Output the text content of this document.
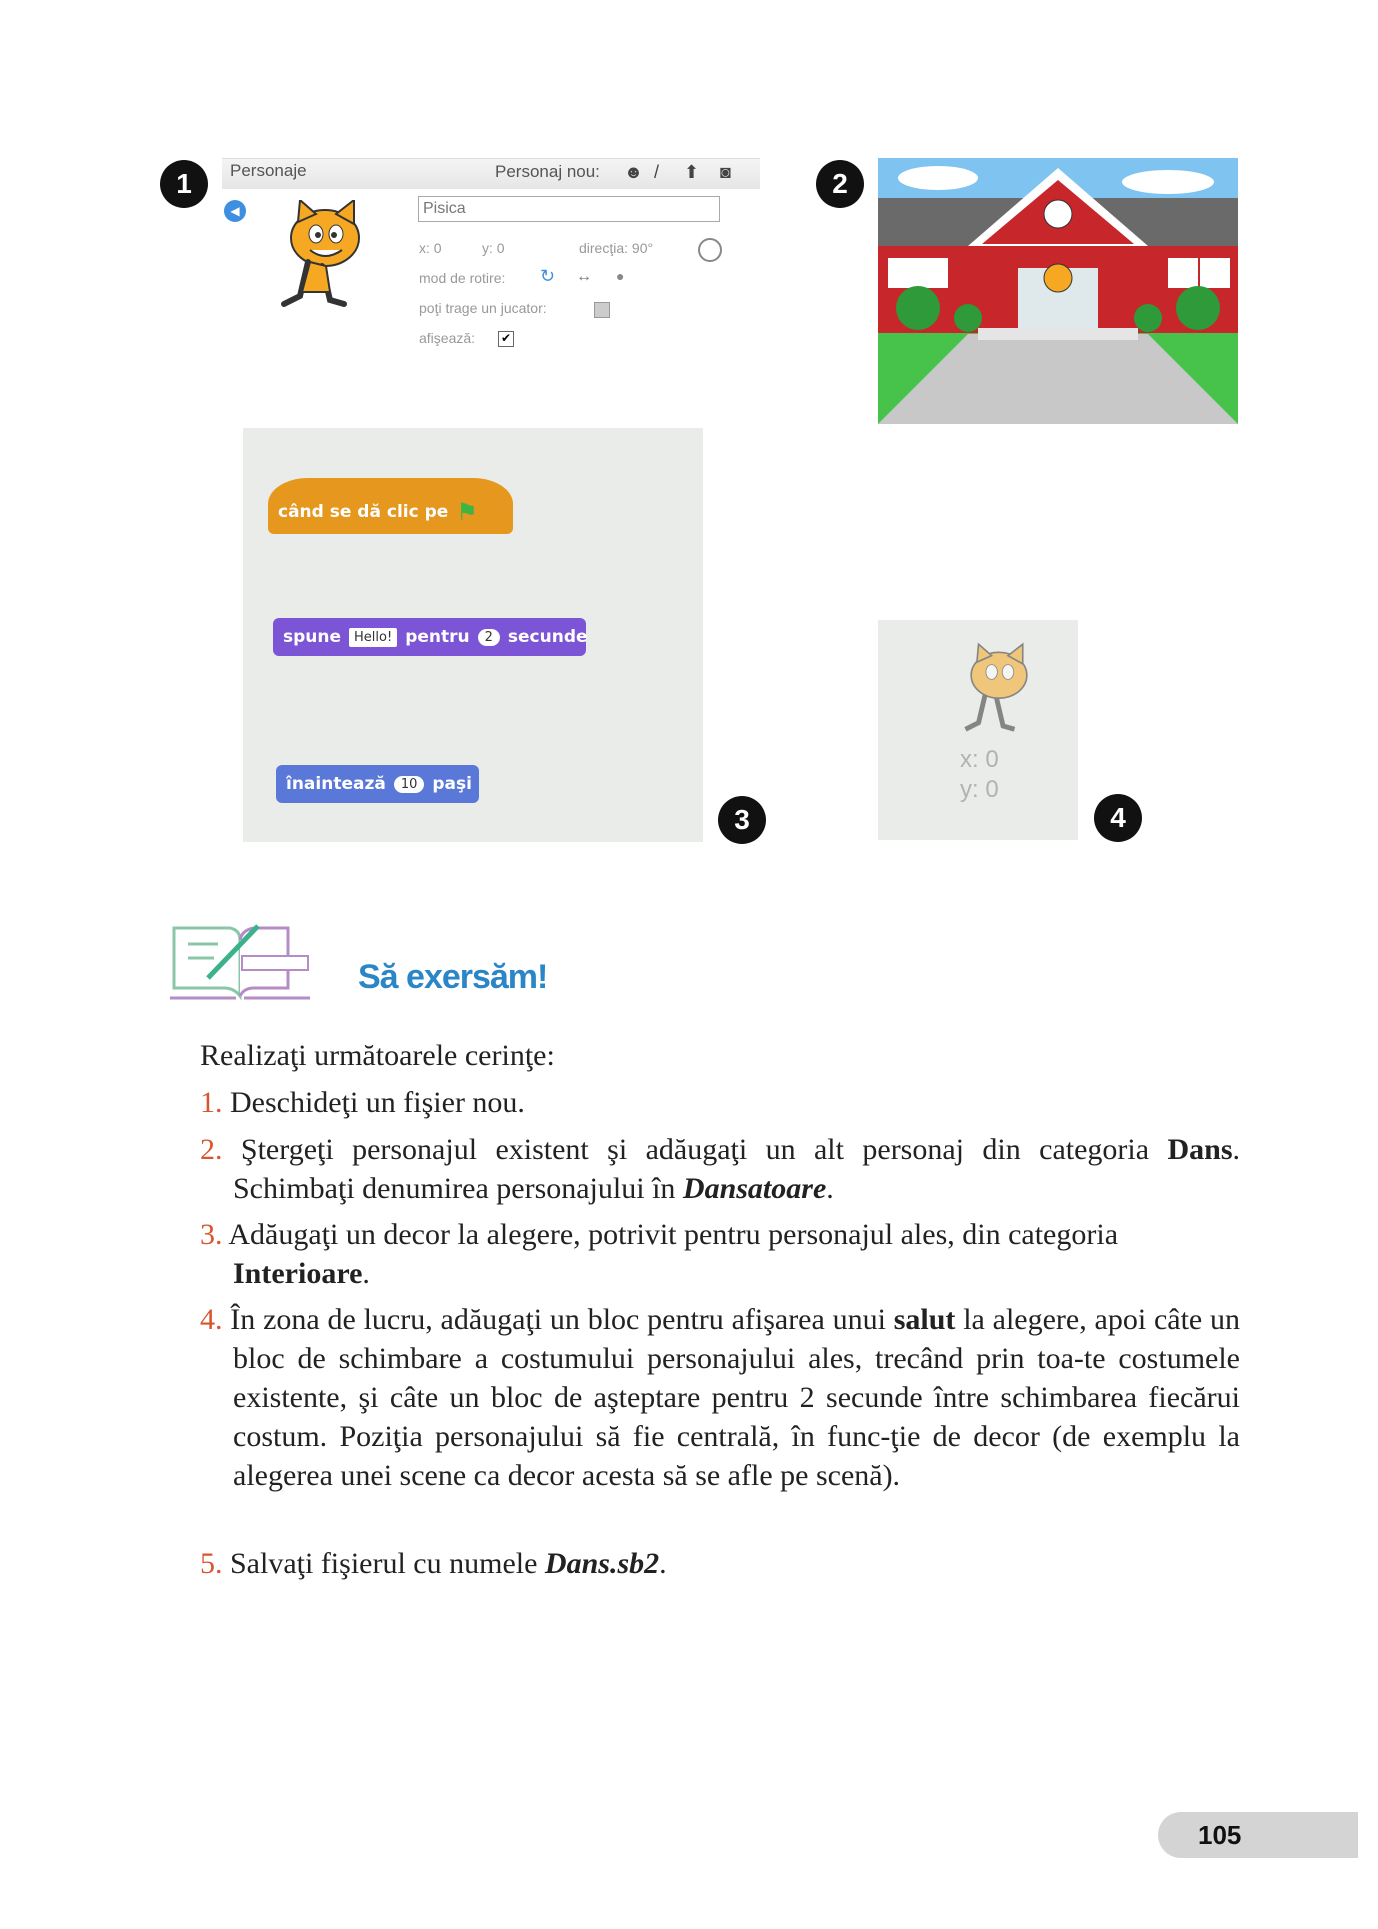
1	Personaje	Personaj nou: ☻ / ⬆ ◙
◀	Pisica
x: 0	y: 0	direcţia: 90°
mod de rotire: ↻ ↔ ●
poţi trage un jucator:
afişează: ✔
2
când se dă clic pe ⚑
spune	Hello! pentru	2 secunde
înaintează	10 paşi
3
x: 0
y: 0
4
Să exersăm!
Realizaţi următoarele cerinţe:
1. Deschideţi un fişier nou.
2. Ştergeţi personajul existent şi adăugaţi un alt personaj din categoria Dans. Schimbaţi denumirea personajului în Dansatoare.
3. Adăugaţi un decor la alegere, potrivit pentru personajul ales, din categoria Interioare.
4. În zona de lucru, adăugaţi un bloc pentru afişarea unui salut la alegere, apoi câte un bloc de schimbare a costumului personajului ales, trecând prin toa-te costumele existente, şi câte un bloc de aşteptare pentru 2 secunde între schimbarea fiecărui costum. Poziţia personajului să fie centrală, în func-ţie de decor (de exemplu la alegerea unei scene ca decor acesta să se afle pe scenă).
5. Salvaţi fişierul cu numele Dans.sb2.
105
